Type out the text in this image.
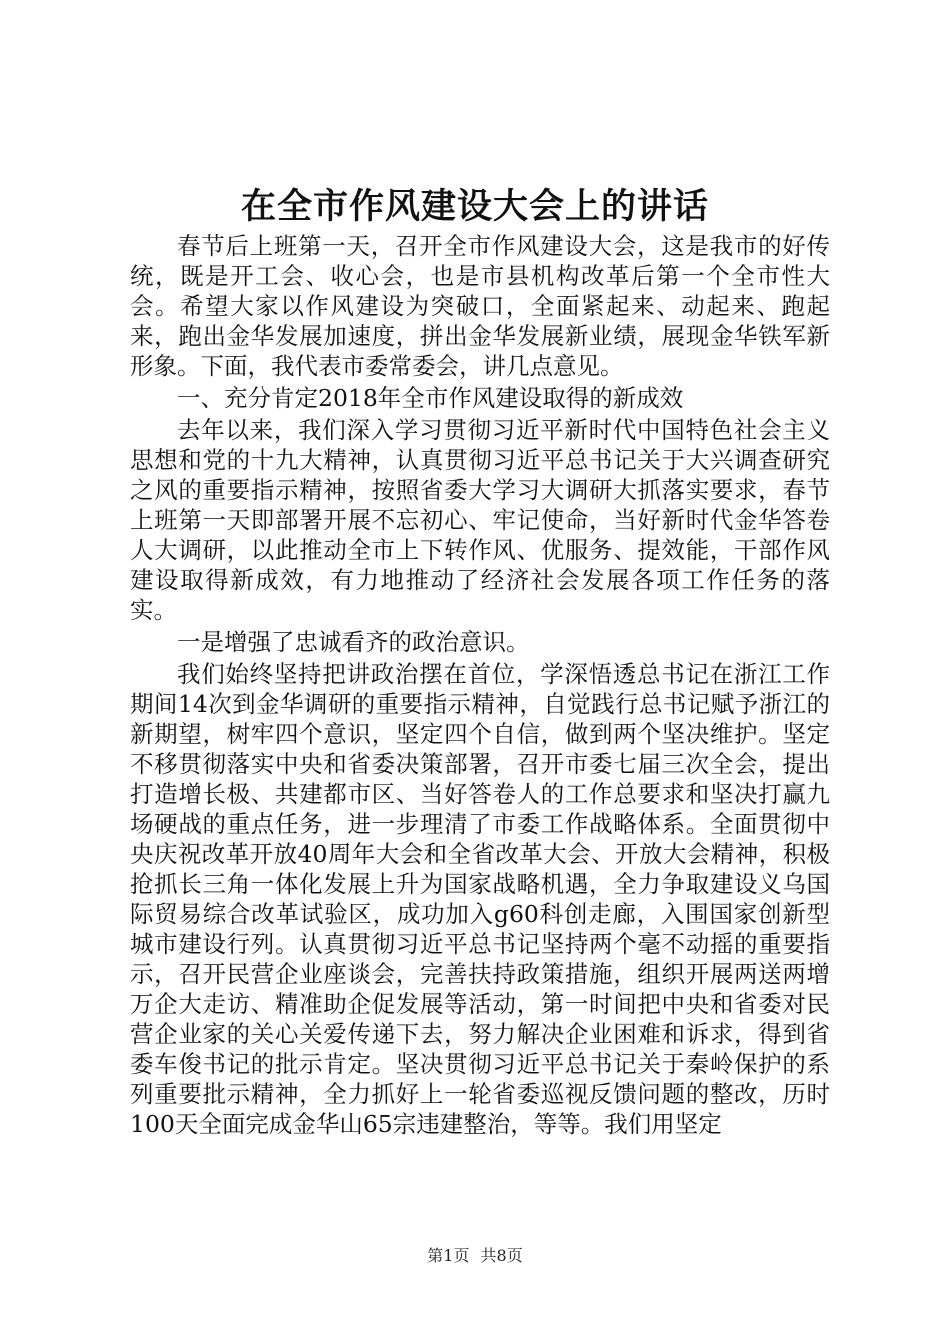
在全市作风建设大会上的讲话

春节后上班第一天，召开全市作风建设大会，这是我市的好传统，既是开工会、收心会，也是市县机构改革后第一个全市性大会。希望大家以作风建设为突破口，全面紧起来、动起来、跑起来，跑出金华发展加速度，拼出金华发展新业绩，展现金华铁军新形象。下面，我代表市委常委会，讲几点意见。

一、充分肯定2018年全市作风建设取得的新成效

去年以来，我们深入学习贯彻习近平新时代中国特色社会主义思想和党的十九大精神，认真贯彻习近平总书记关于大兴调查研究之风的重要指示精神，按照省委大学习大调研大抓落实要求，春节上班第一天即部署开展不忘初心、牢记使命，当好新时代金华答卷人大调研，以此推动全市上下转作风、优服务、提效能，干部作风建设取得新成效，有力地推动了经济社会发展各项工作任务的落实。

一是增强了忠诚看齐的政治意识。

我们始终坚持把讲政治摆在首位，学深悟透总书记在浙江工作期间14次到金华调研的重要指示精神，自觉践行总书记赋予浙江的新期望，树牢四个意识，坚定四个自信，做到两个坚决维护。坚定不移贯彻落实中央和省委决策部署，召开市委七届三次全会，提出打造增长极、共建都市区、当好答卷人的工作总要求和坚决打赢九场硬战的重点任务，进一步理清了市委工作战略体系。全面贯彻中央庆祝改革开放40周年大会和全省改革大会、开放大会精神，积极抢抓长三角一体化发展上升为国家战略机遇，全力争取建设义乌国际贸易综合改革试验区，成功加入g60科创走廊，入围国家创新型城市建设行列。认真贯彻习近平总书记坚持两个毫不动摇的重要指示，召开民营企业座谈会，完善扶持政策措施，组织开展两送两增万企大走访、精准助企促发展等活动，第一时间把中央和省委对民营企业家的关心关爱传递下去，努力解决企业困难和诉求，得到省委车俊书记的批示肯定。坚决贯彻习近平总书记关于秦岭保护的系列重要批示精神，全力抓好上一轮省委巡视反馈问题的整改，历时100天全面完成金华山65宗违建整治，等等。我们用坚定

第1页 共8页
